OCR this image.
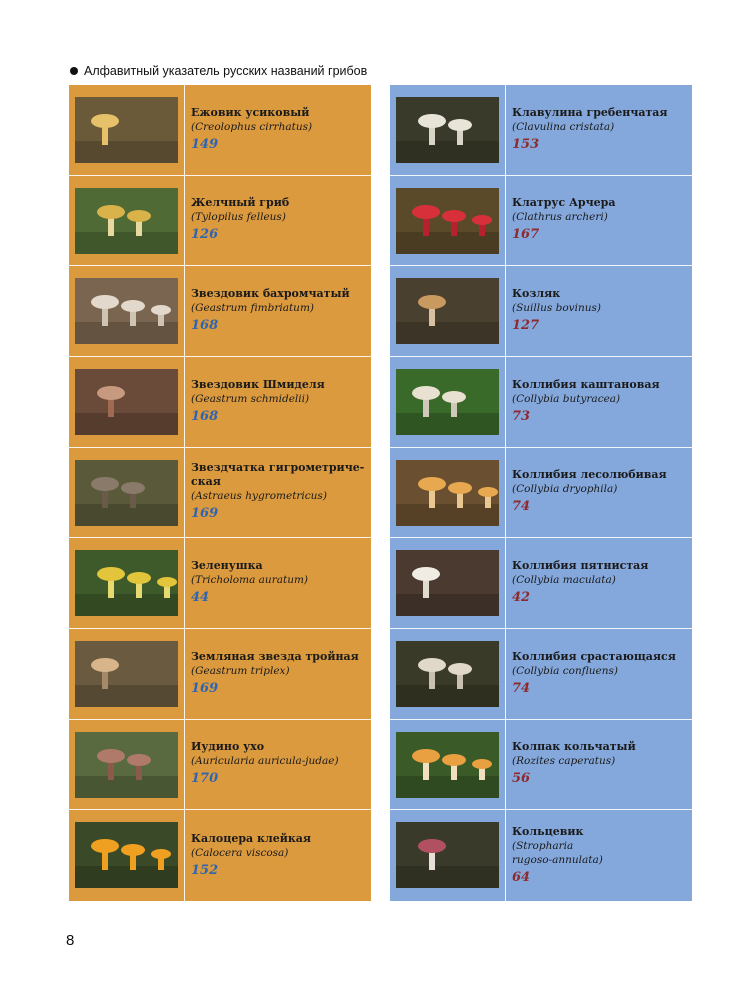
Алфавитный указатель русских названий грибов
Ежовик усиковый
(Creolophus cirrhatus)
149
Желчный гриб
(Tylopilus felleus)
126
Звездовик бахромчатый
(Geastrum fimbriatum)
168
Звездовик Шмиделя
(Geastrum schmidelii)
168
Звездчатка гигрометриче-
ская
(Astraeus hygrometricus)
169
Зеленушка
(Tricholoma auratum)
44
Земляная звезда тройная
(Geastrum triplex)
169
Иудино ухо
(Auricularia auricula-judae)
170
Калоцера клейкая
(Calocera viscosa)
152
Клавулина гребенчатая
(Clavulina cristata)
153
Клатрус Арчера
(Clathrus archeri)
167
Козляк
(Suillus bovinus)
127
Коллибия каштановая
(Collybia butyracea)
73
Коллибия лесолюбивая
(Collybia dryophila)
74
Коллибия пятнистая
(Collybia maculata)
42
Коллибия срастающаяся
(Collybia confluens)
74
Колпак кольчатый
(Rozites caperatus)
56
Кольцевик
(Stropharia
rugoso-annulata)
64
8
